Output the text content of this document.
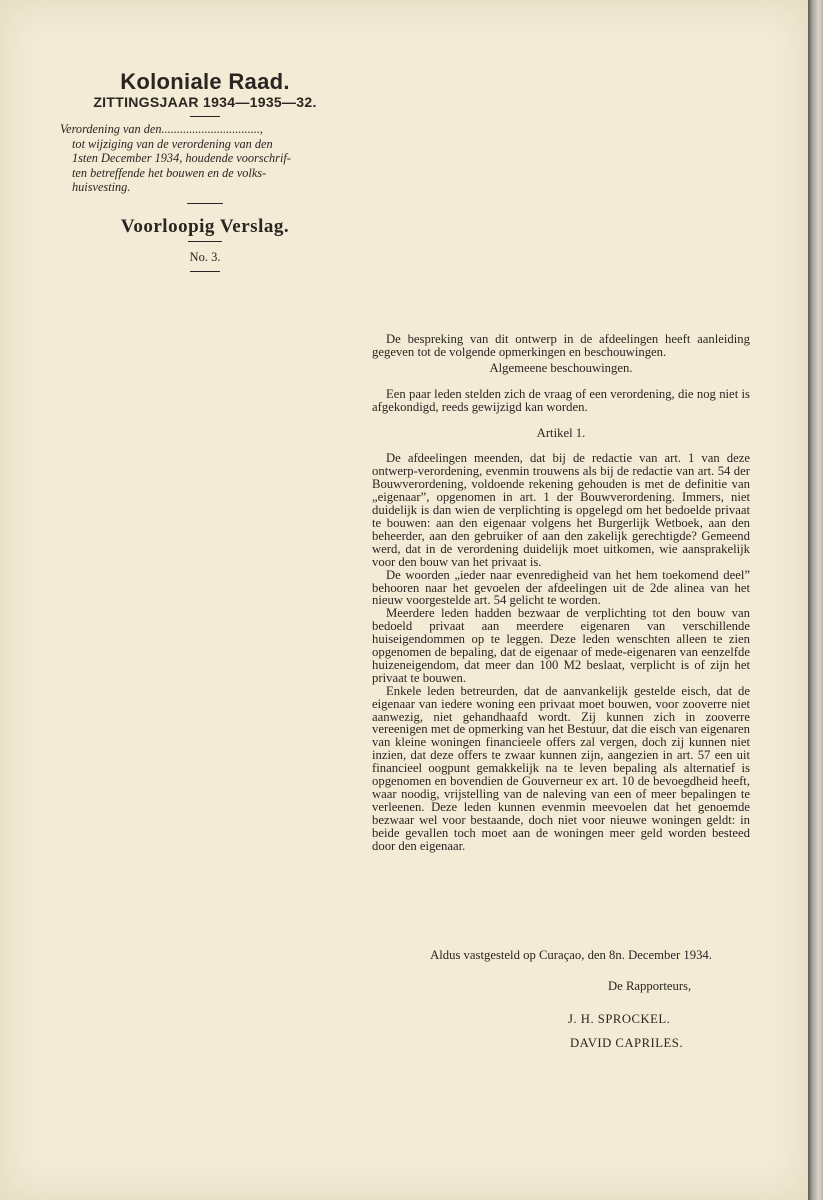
Koloniale Raad.
ZITTINGSJAAR 1934—1935—32.
Verordening van den................................,
tot wijziging van de verordening van den
1sten December 1934, houdende voorschrif-
ten betreffende het bouwen en de volks-
huisvesting.
Voorloopig Verslag.
No. 3.

De bespreking van dit ontwerp in de afdeelingen heeft aanleiding gegeven tot de volgende opmerkingen en beschouwingen.

Algemeene beschouwingen.

Een paar leden stelden zich de vraag of een verordening, die nog niet is afgekondigd, reeds gewijzigd kan worden.

Artikel 1.

De afdeelingen meenden, dat bij de redactie van art. 1 van deze ontwerp-verordening, evenmin trouwens als bij de redactie van art. 54 der Bouwverordening, voldoende rekening gehouden is met de definitie van „eigenaar”, opgenomen in art. 1 der Bouwverordening. Immers, niet duidelijk is dan wien de verplichting is opgelegd om het bedoelde privaat te bouwen: aan den eigenaar volgens het Burgerlijk Wetboek, aan den beheerder, aan den gebruiker of aan den zakelijk gerechtigde? Gemeend werd, dat in de verordening duidelijk moet uitkomen, wie aansprakelijk voor den bouw van het privaat is.

De woorden „ieder naar evenredigheid van het hem toekomend deel” behooren naar het gevoelen der afdeelingen uit de 2de alinea van het nieuw voorgestelde art. 54 gelicht te worden.

Meerdere leden hadden bezwaar de verplichting tot den bouw van bedoeld privaat aan meerdere eigenaren van verschillende huiseigendommen op te leggen. Deze leden wenschten alleen te zien opgenomen de bepaling, dat de eigenaar of mede-eigenaren van eenzelfde huizeneigendom, dat meer dan 100 M2 beslaat, verplicht is of zijn het privaat te bouwen.

Enkele leden betreurden, dat de aanvankelijk gestelde eisch, dat de eigenaar van iedere woning een privaat moet bouwen, voor zooverre niet aanwezig, niet gehandhaafd wordt. Zij kunnen zich in zooverre vereenigen met de opmerking van het Bestuur, dat die eisch van eigenaren van kleine woningen financieele offers zal vergen, doch zij kunnen niet inzien, dat deze offers te zwaar kunnen zijn, aangezien in art. 57 een uit financieel oogpunt gemakkelijk na te leven bepaling als alternatief is opgenomen en bovendien de Gouverneur ex art. 10 de bevoegdheid heeft, waar noodig, vrijstelling van de naleving van een of meer bepalingen te verleenen. Deze leden kunnen evenmin meevoelen dat het genoemde bezwaar wel voor bestaande, doch niet voor nieuwe woningen geldt: in beide gevallen toch moet aan de woningen meer geld worden besteed door den eigenaar.

Aldus vastgesteld op Curaçao, den 8n. December 1934.
De Rapporteurs,
J. H. SPROCKEL.
DAVID CAPRILES.
